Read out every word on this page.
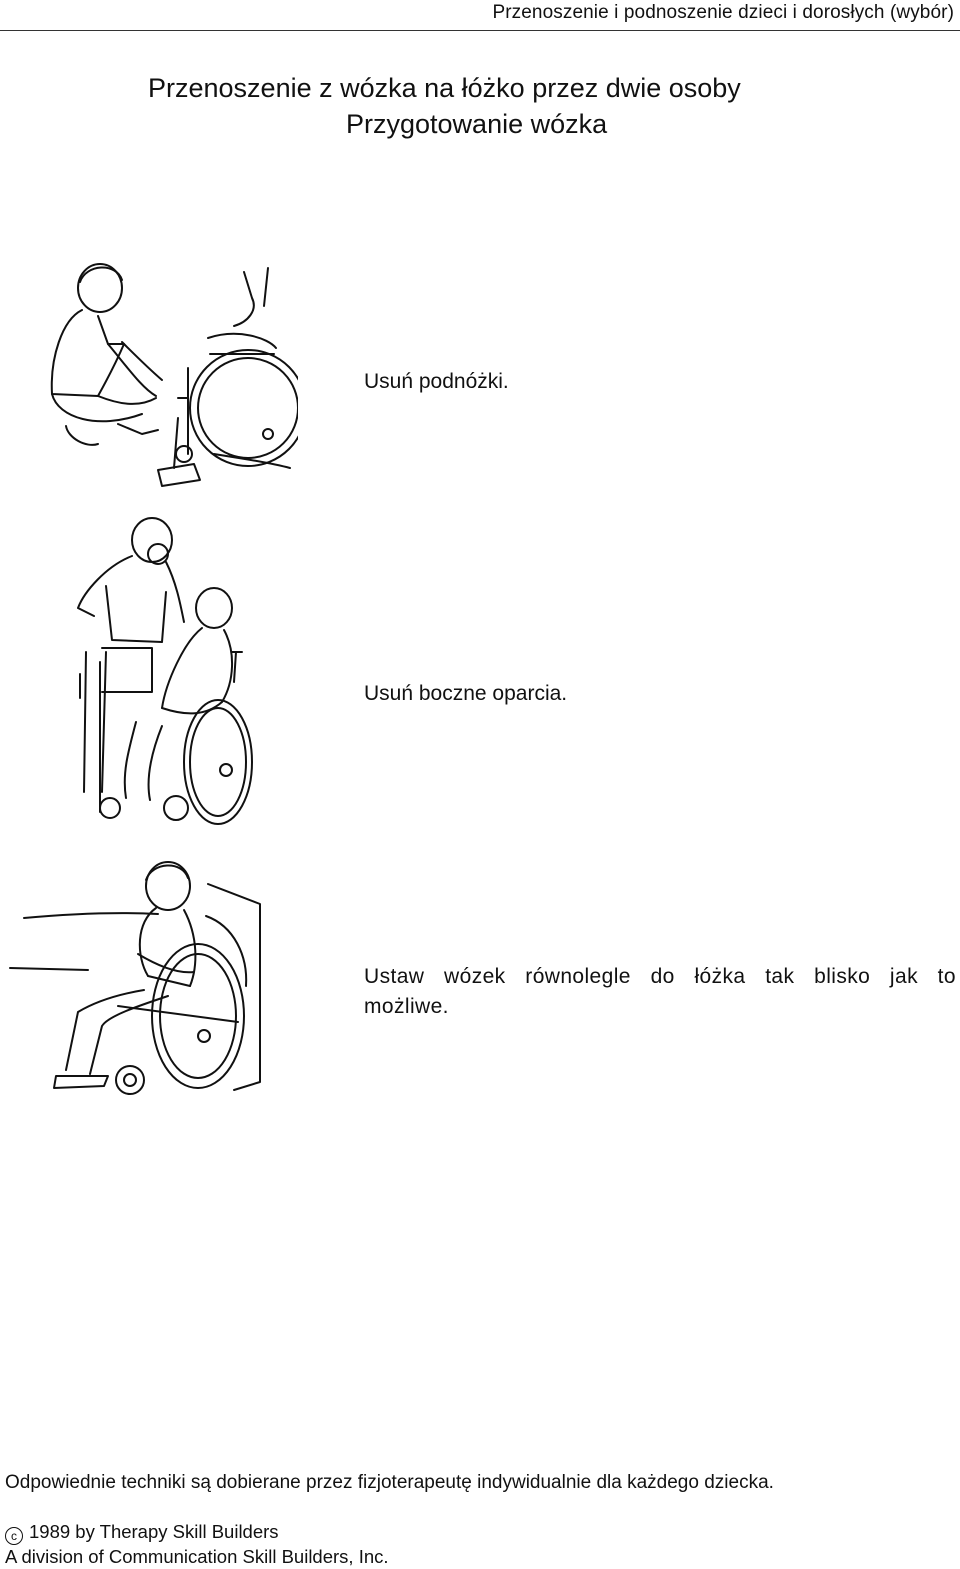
Przenoszenie i podnoszenie dzieci i dorosłych (wybór)
Przenoszenie z wózka na łóżko przez dwie osoby
Przygotowanie wózka
Usuń podnóżki.
Usuń boczne oparcia.
Ustaw wózek równolegle do łóżka tak blisko jak to możliwe.
Odpowiednie techniki są dobierane przez fizjoterapeutę indywidualnie dla każdego dziecka.
c 1989 by Therapy Skill Builders
A division of Communication Skill Builders, Inc.
